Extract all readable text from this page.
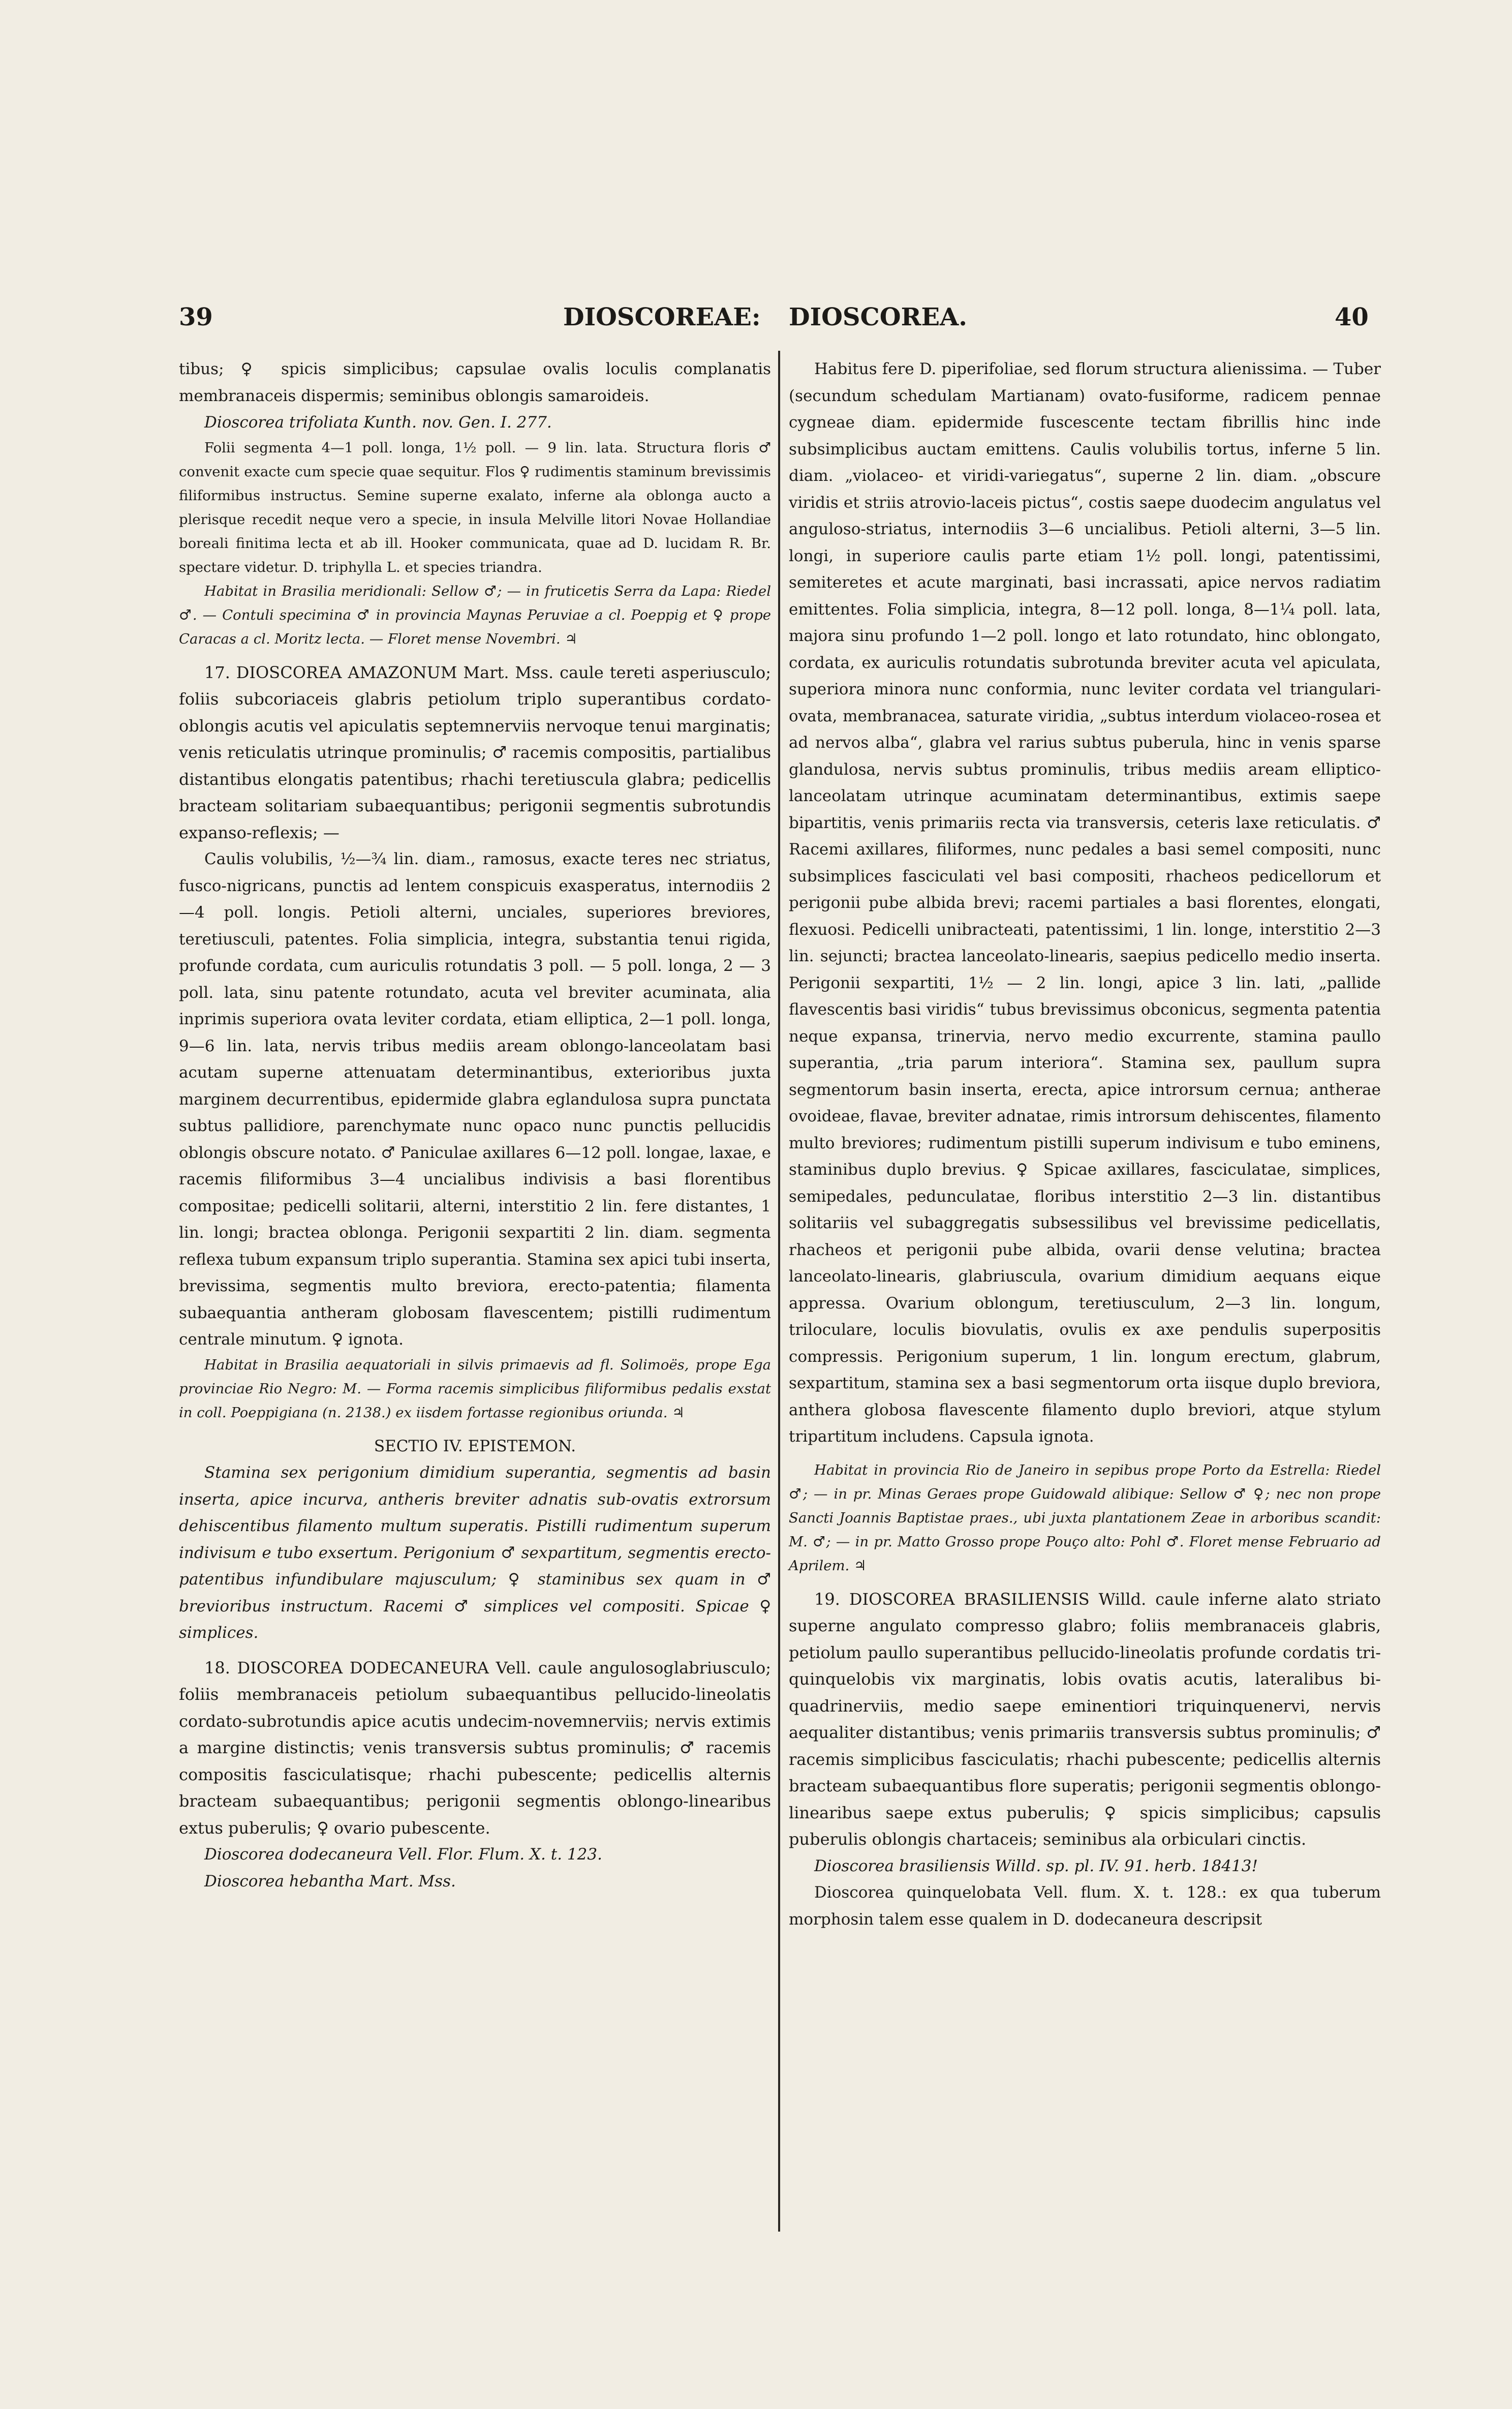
39	DIOSCOREAE: DIOSCOREA.	40

tibus; ♀ spicis simplicibus; capsulae ovalis loculis complanatis membranaceis dispermis; seminibus oblongis samaroideis.

Dioscorea trifoliata Kunth. nov. Gen. I. 277.

Folii segmenta 4—1 poll. longa, 1½ poll. — 9 lin. lata. Structura floris ♂ convenit exacte cum specie quae sequitur. Flos ♀ rudimentis staminum brevissimis filiformibus instructus. Semine superne exalato, inferne ala oblonga aucto a plerisque recedit neque vero a specie, in insula Melville litori Novae Hollandiae boreali finitima lecta et ab ill. Hooker communicata, quae ad D. lucidam R. Br. spectare videtur. D. triphylla L. et species triandra.

Habitat in Brasilia meridionali: Sellow ♂; — in fruticetis Serra da Lapa: Riedel ♂. — Contuli specimina ♂ in provincia Maynas Peruviae a cl. Poeppig et ♀ prope Caracas a cl. Moritz lecta. — Floret mense Novembri. ♃

17. DIOSCOREA AMAZONUM Mart. Mss. caule tereti asperiusculo; foliis subcoriaceis glabris petiolum triplo superantibus cordato-oblongis acutis vel apiculatis septemnerviis nervoque tenui marginatis; venis reticulatis utrinque prominulis; ♂ racemis compositis, partialibus distantibus elongatis patentibus; rhachi teretiuscula glabra; pedicellis bracteam solitariam subaequantibus; perigonii segmentis subrotundis expanso-reflexis; —

Caulis volubilis, ½—¾ lin. diam., ramosus, exacte teres nec striatus, fusco-nigricans, punctis ad lentem conspicuis exasperatus, internodiis 2—4 poll. longis. Petioli alterni, unciales, superiores breviores, teretiusculi, patentes. Folia simplicia, integra, substantia tenui rigida, profunde cordata, cum auriculis rotundatis 3 poll. — 5 poll. longa, 2 — 3 poll. lata, sinu patente rotundato, acuta vel breviter acuminata, alia inprimis superiora ovata leviter cordata, etiam elliptica, 2—1 poll. longa, 9—6 lin. lata, nervis tribus mediis aream oblongo-lanceolatam basi acutam superne attenuatam determinantibus, exterioribus juxta marginem decurrentibus, epidermide glabra eglandulosa supra punctata subtus pallidiore, parenchymate nunc opaco nunc punctis pellucidis oblongis obscure notato. ♂ Paniculae axillares 6—12 poll. longae, laxae, e racemis filiformibus 3—4 uncialibus indivisis a basi florentibus compositae; pedicelli solitarii, alterni, interstitio 2 lin. fere distantes, 1 lin. longi; bractea oblonga. Perigonii sexpartiti 2 lin. diam. segmenta reflexa tubum expansum triplo superantia. Stamina sex apici tubi inserta, brevissima, segmentis multo breviora, erecto-patentia; filamenta subaequantia antheram globosam flavescentem; pistilli rudimentum centrale minutum. ♀ ignota.

Habitat in Brasilia aequatoriali in silvis primaevis ad fl. Solimoës, prope Ega provinciae Rio Negro: M. — Forma racemis simplicibus filiformibus pedalis exstat in coll. Poeppigiana (n. 2138.) ex iisdem fortasse regionibus oriunda. ♃

SECTIO IV. EPISTEMON.

Stamina sex perigonium dimidium superantia, segmentis ad basin inserta, apice incurva, antheris breviter adnatis sub-ovatis extrorsum dehiscentibus filamento multum superatis. Pistilli rudimentum superum indivisum e tubo exsertum. Perigonium ♂ sexpartitum, segmentis erecto-patentibus infundibulare majusculum; ♀ staminibus sex quam in ♂ brevioribus instructum. Racemi ♂ simplices vel compositi. Spicae ♀ simplices.

18. DIOSCOREA DODECANEURA Vell. caule angulosoglabriusculo; foliis membranaceis petiolum subaequantibus pellucido-lineolatis cordato-subrotundis apice acutis undecim-novemnerviis; nervis extimis a margine distinctis; venis transversis subtus prominulis; ♂ racemis compositis fasciculatisque; rhachi pubescente; pedicellis alternis bracteam subaequantibus; perigonii segmentis oblongo-linearibus extus puberulis; ♀ ovario pubescente.

Dioscorea dodecaneura Vell. Flor. Flum. X. t. 123.

Dioscorea hebantha Mart. Mss.

Habitus fere D. piperifoliae, sed florum structura alienissima. — Tuber (secundum schedulam Martianam) ovato-fusiforme, radicem pennae cygneae diam. epidermide fuscescente tectam fibrillis hinc inde subsimplicibus auctam emittens. Caulis volubilis tortus, inferne 5 lin. diam. „violaceo- et viridi-variegatus“, superne 2 lin. diam. „obscure viridis et striis atrovio-laceis pictus“, costis saepe duodecim angulatus vel anguloso-striatus, internodiis 3—6 uncialibus. Petioli alterni, 3—5 lin. longi, in superiore caulis parte etiam 1½ poll. longi, patentissimi, semiteretes et acute marginati, basi incrassati, apice nervos radiatim emittentes. Folia simplicia, integra, 8—12 poll. longa, 8—1¼ poll. lata, majora sinu profundo 1—2 poll. longo et lato rotundato, hinc oblongato, cordata, ex auriculis rotundatis subrotunda breviter acuta vel apiculata, superiora minora nunc conformia, nunc leviter cordata vel triangulari-ovata, membranacea, saturate viridia, „subtus interdum violaceo-rosea et ad nervos alba“, glabra vel rarius subtus puberula, hinc in venis sparse glandulosa, nervis subtus prominulis, tribus mediis aream elliptico-lanceolatam utrinque acuminatam determinantibus, extimis saepe bipartitis, venis primariis recta via transversis, ceteris laxe reticulatis. ♂ Racemi axillares, filiformes, nunc pedales a basi semel compositi, nunc subsimplices fasciculati vel basi compositi, rhacheos pedicellorum et perigonii pube albida brevi; racemi partiales a basi florentes, elongati, flexuosi. Pedicelli unibracteati, patentissimi, 1 lin. longe, interstitio 2—3 lin. sejuncti; bractea lanceolato-linearis, saepius pedicello medio inserta. Perigonii sexpartiti, 1½ — 2 lin. longi, apice 3 lin. lati, „pallide flavescentis basi viridis“ tubus brevissimus obconicus, segmenta patentia neque expansa, trinervia, nervo medio excurrente, stamina paullo superantia, „tria parum interiora“. Stamina sex, paullum supra segmentorum basin inserta, erecta, apice introrsum cernua; antherae ovoideae, flavae, breviter adnatae, rimis introrsum dehiscentes, filamento multo breviores; rudimentum pistilli superum indivisum e tubo eminens, staminibus duplo brevius. ♀ Spicae axillares, fasciculatae, simplices, semipedales, pedunculatae, floribus interstitio 2—3 lin. distantibus solitariis vel subaggregatis subsessilibus vel brevissime pedicellatis, rhacheos et perigonii pube albida, ovarii dense velutina; bractea lanceolato-linearis, glabriuscula, ovarium dimidium aequans eique appressa. Ovarium oblongum, teretiusculum, 2—3 lin. longum, triloculare, loculis biovulatis, ovulis ex axe pendulis superpositis compressis. Perigonium superum, 1 lin. longum erectum, glabrum, sexpartitum, stamina sex a basi segmentorum orta iisque duplo breviora, anthera globosa flavescente filamento duplo breviori, atque stylum tripartitum includens. Capsula ignota.

Habitat in provincia Rio de Janeiro in sepibus prope Porto da Estrella: Riedel ♂; — in pr. Minas Geraes prope Guidowald alibique: Sellow ♂ ♀; nec non prope Sancti Joannis Baptistae praes., ubi juxta plantationem Zeae in arboribus scandit: M. ♂; — in pr. Matto Grosso prope Pouço alto: Pohl ♂. Floret mense Februario ad Aprilem. ♃

19. DIOSCOREA BRASILIENSIS Willd. caule inferne alato striato superne angulato compresso glabro; foliis membranaceis glabris, petiolum paullo superantibus pellucido-lineolatis profunde cordatis tri-quinquelobis vix marginatis, lobis ovatis acutis, lateralibus bi-quadrinerviis, medio saepe eminentiori triquinquenervi, nervis aequaliter distantibus; venis primariis transversis subtus prominulis; ♂ racemis simplicibus fasciculatis; rhachi pubescente; pedicellis alternis bracteam subaequantibus flore superatis; perigonii segmentis oblongo-linearibus saepe extus puberulis; ♀ spicis simplicibus; capsulis puberulis oblongis chartaceis; seminibus ala orbiculari cinctis.

Dioscorea brasiliensis Willd. sp. pl. IV. 91. herb. 18413!

Dioscorea quinquelobata Vell. flum. X. t. 128.: ex qua tuberum morphosin talem esse qualem in D. dodecaneura descripsit
